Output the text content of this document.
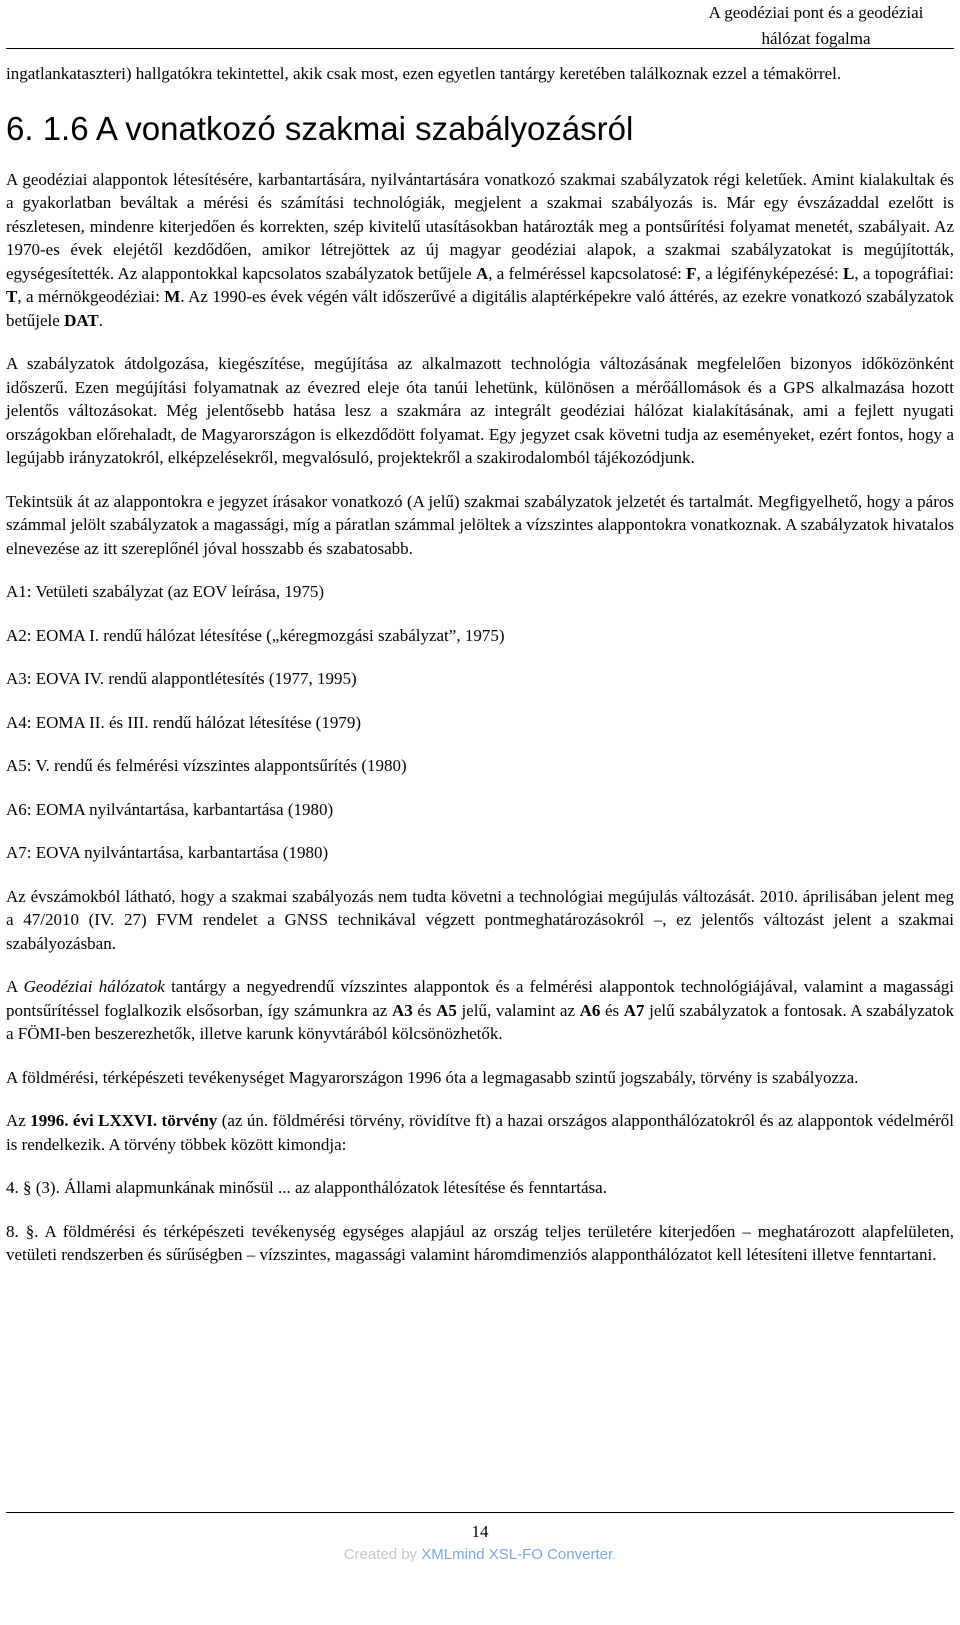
A geodéziai pont és a geodéziai
hálózat fogalma

ingatlankataszteri) hallgatókra tekintettel, akik csak most, ezen egyetlen tantárgy keretében találkoznak ezzel a témakörrel.

6. 1.6 A vonatkozó szakmai szabályozásról

A geodéziai alappontok létesítésére, karbantartására, nyilvántartására vonatkozó szakmai szabályzatok régi keletűek. Amint kialakultak és a gyakorlatban beváltak a mérési és számítási technológiák, megjelent a szakmai szabályozás is. Már egy évszázaddal ezelőtt is részletesen, mindenre kiterjedően és korrekten, szép kivitelű utasításokban határozták meg a pontsűrítési folyamat menetét, szabályait. Az 1970-es évek elejétől kezdődően, amikor létrejöttek az új magyar geodéziai alapok, a szakmai szabályzatokat is megújították, egységesítették. Az alappontokkal kapcsolatos szabályzatok betűjele A, a felméréssel kapcsolatosé: F, a légifényképezésé: L, a topográfiai: T, a mérnökgeodéziai: M. Az 1990-es évek végén vált időszerűvé a digitális alaptérképekre való áttérés, az ezekre vonatkozó szabályzatok betűjele DAT.

A szabályzatok átdolgozása, kiegészítése, megújítása az alkalmazott technológia változásának megfelelően bizonyos időközönként időszerű. Ezen megújítási folyamatnak az évezred eleje óta tanúi lehetünk, különösen a mérőállomások és a GPS alkalmazása hozott jelentős változásokat. Még jelentősebb hatása lesz a szakmára az integrált geodéziai hálózat kialakításának, ami a fejlett nyugati országokban előrehaladt, de Magyarországon is elkezdődött folyamat. Egy jegyzet csak követni tudja az eseményeket, ezért fontos, hogy a legújabb irányzatokról, elképzelésekről, megvalósuló, projektekről a szakirodalomból tájékozódjunk.

Tekintsük át az alappontokra e jegyzet írásakor vonatkozó (A jelű) szakmai szabályzatok jelzetét és tartalmát. Megfigyelhető, hogy a páros számmal jelölt szabályzatok a magassági, míg a páratlan számmal jelöltek a vízszintes alappontokra vonatkoznak. A szabályzatok hivatalos elnevezése az itt szereplőnél jóval hosszabb és szabatosabb.

A1: Vetületi szabályzat (az EOV leírása, 1975)

A2: EOMA I. rendű hálózat létesítése („kéregmozgási szabályzat”, 1975)

A3: EOVA IV. rendű alappontlétesítés (1977, 1995)

A4: EOMA II. és III. rendű hálózat létesítése (1979)

A5: V. rendű és felmérési vízszintes alappontsűrítés (1980)

A6: EOMA nyilvántartása, karbantartása (1980)

A7: EOVA nyilvántartása, karbantartása (1980)

Az évszámokból látható, hogy a szakmai szabályozás nem tudta követni a technológiai megújulás változását. 2010. áprilisában jelent meg a 47/2010 (IV. 27) FVM rendelet a GNSS technikával végzett pontmeghatározásokról –, ez jelentős változást jelent a szakmai szabályozásban.

A Geodéziai hálózatok tantárgy a negyedrendű vízszintes alappontok és a felmérési alappontok technológiájával, valamint a magassági pontsűrítéssel foglalkozik elsősorban, így számunkra az A3 és A5 jelű, valamint az A6 és A7 jelű szabályzatok a fontosak. A szabályzatok a FÖMI-ben beszerezhetők, illetve karunk könyvtárából kölcsönözhetők.

A földmérési, térképészeti tevékenységet Magyarországon 1996 óta a legmagasabb szintű jogszabály, törvény is szabályozza.

Az 1996. évi LXXVI. törvény (az ún. földmérési törvény, rövidítve ft) a hazai országos alapponthálózatokról és az alappontok védelméről is rendelkezik. A törvény többek között kimondja:

4. § (3). Állami alapmunkának minősül ... az alapponthálózatok létesítése és fenntartása.

8. §. A földmérési és térképészeti tevékenység egységes alapjául az ország teljes területére kiterjedően – meghatározott alapfelületen, vetületi rendszerben és sűrűségben – vízszintes, magassági valamint háromdimenziós alapponthálózatot kell létesíteni illetve fenntartani.

14
Created by XMLmind XSL-FO Converter.
